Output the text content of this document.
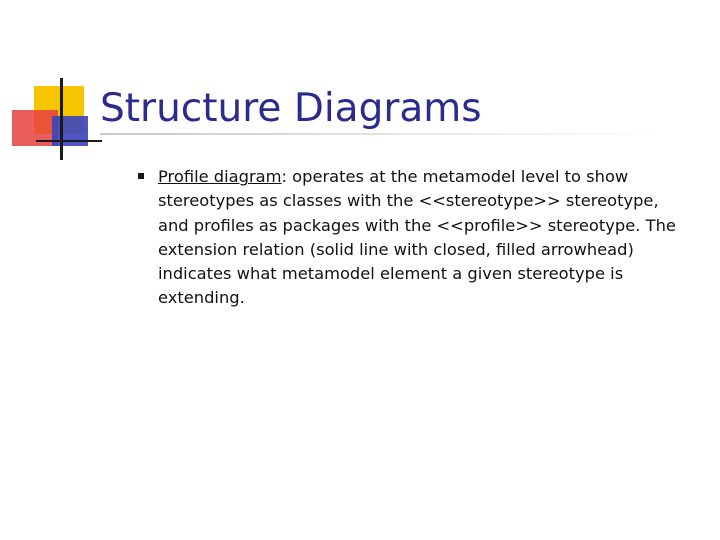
Structure Diagrams
Profile diagram: operates at the metamodel level to show stereotypes as classes with the <<stereotype>> stereotype, and profiles as packages with the <<profile>> stereotype. The extension relation (solid line with closed, filled arrowhead) indicates what metamodel element a given stereotype is extending.
